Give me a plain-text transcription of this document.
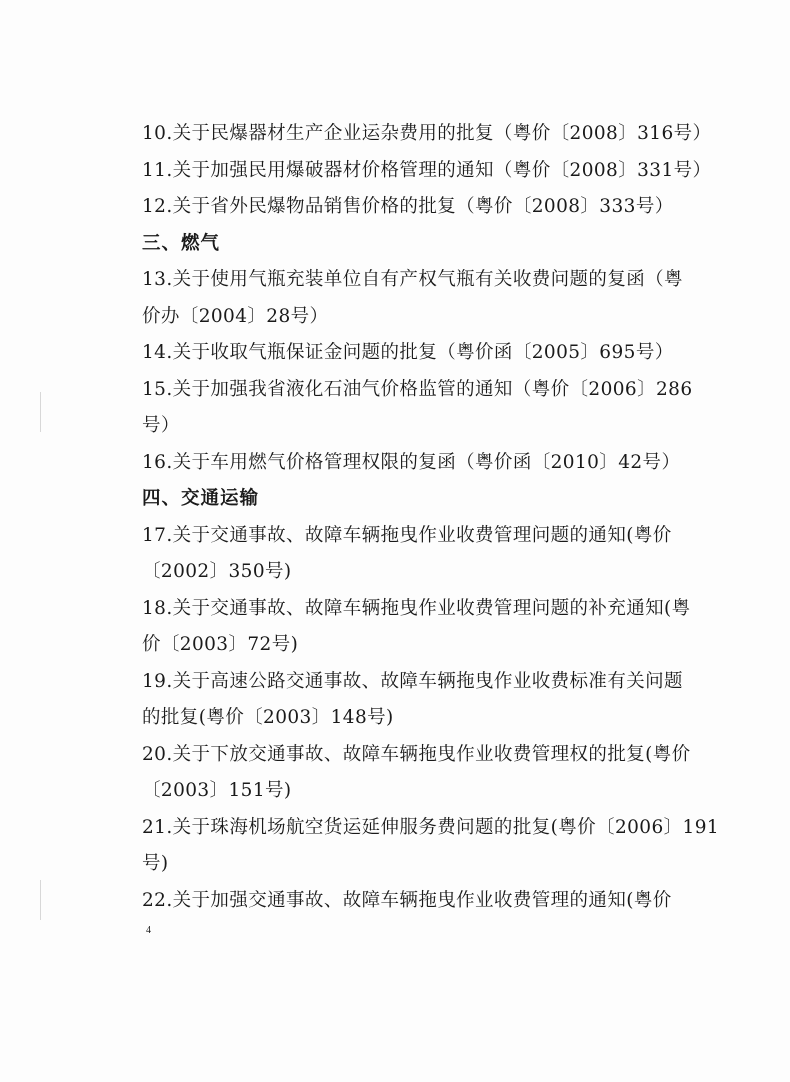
10.关于民爆器材生产企业运杂费用的批复（粤价〔2008〕316号）
11.关于加强民用爆破器材价格管理的通知（粤价〔2008〕331号）
12.关于省外民爆物品销售价格的批复（粤价〔2008〕333号）
三、燃气
13.关于使用气瓶充装单位自有产权气瓶有关收费问题的复函（粤
价办〔2004〕28号）
14.关于收取气瓶保证金问题的批复（粤价函〔2005〕695号）
15.关于加强我省液化石油气价格监管的通知（粤价〔2006〕286
号）
16.关于车用燃气价格管理权限的复函（粤价函〔2010〕42号）
四、交通运输
17.关于交通事故、故障车辆拖曳作业收费管理问题的通知(粤价
〔2002〕350号)
18.关于交通事故、故障车辆拖曳作业收费管理问题的补充通知(粤
价〔2003〕72号)
19.关于高速公路交通事故、故障车辆拖曳作业收费标准有关问题
的批复(粤价〔2003〕148号)
20.关于下放交通事故、故障车辆拖曳作业收费管理权的批复(粤价
〔2003〕151号)
21.关于珠海机场航空货运延伸服务费问题的批复(粤价〔2006〕191
号)
22.关于加强交通事故、故障车辆拖曳作业收费管理的通知(粤价
4
